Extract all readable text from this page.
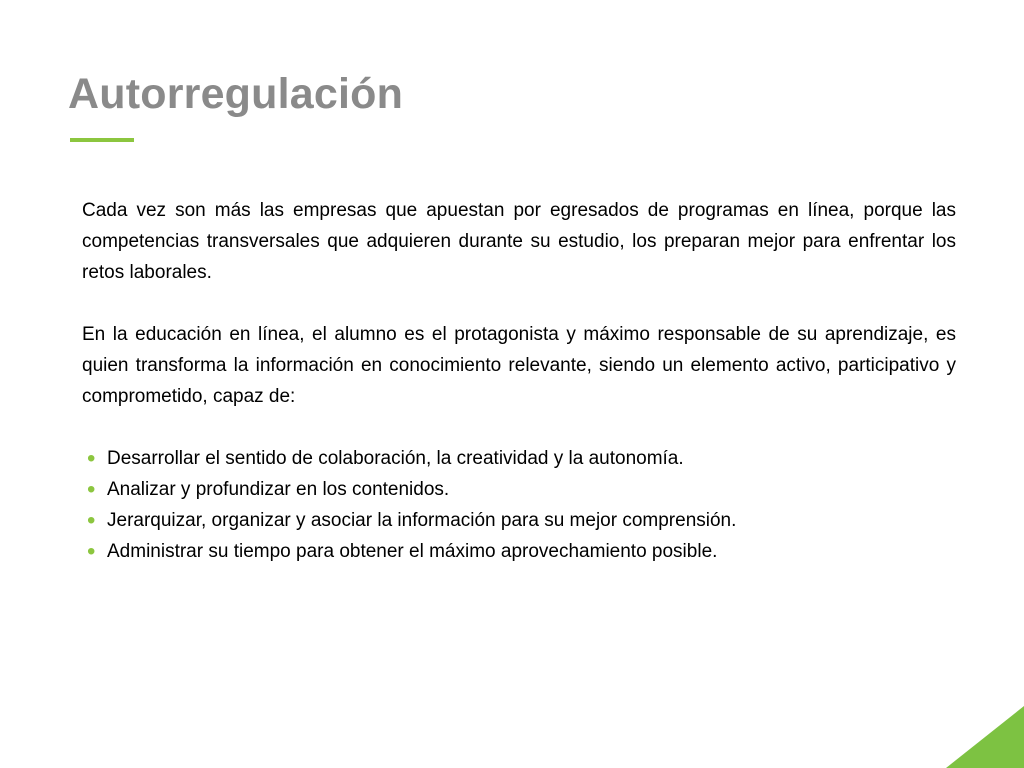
Autorregulación

Cada vez son más las empresas que apuestan por egresados de programas en línea, porque las competencias transversales que adquieren durante su estudio, los preparan mejor para enfrentar los retos laborales.

En la educación en línea, el alumno es el protagonista y máximo responsable de su aprendizaje, es quien transforma la información en conocimiento relevante, siendo un elemento activo, participativo y comprometido, capaz de:

• Desarrollar el sentido de colaboración, la creatividad y la autonomía.
• Analizar y profundizar en los contenidos.
• Jerarquizar, organizar y asociar la información para su mejor comprensión.
• Administrar su tiempo para obtener el máximo aprovechamiento posible.
